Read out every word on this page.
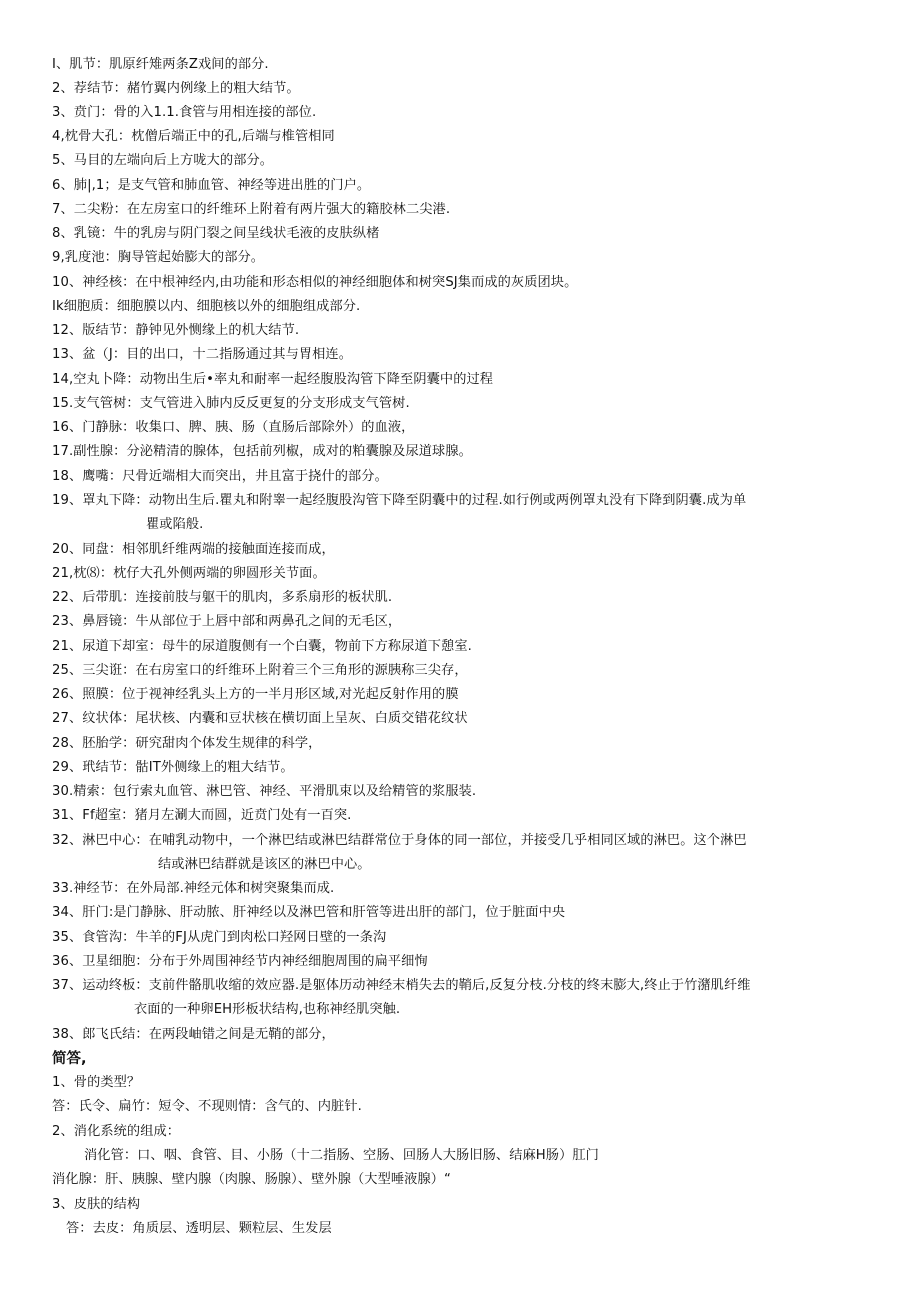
I、肌节：肌原纤雉两条Z戏间的部分.
2、荐结节：赭竹翼内例缘上的粗大结节。
3、贲门：骨的入1.1.食管与用相连接的部位.
4,枕骨大孔：枕僧后端正中的孔,后端与椎管相同
5、马目的左端向后上方咙大的部分。
6、肺|,1；是支气管和肺血管、神经等进出胜的门户。
7、二尖粉：在左房室口的纤维环上附着有两片强大的籍胶林二尖港.
8、乳镜：牛的乳房与阴门裂之间呈线状毛液的皮肤纵楮
9,乳度池：胸导管起始膨大的部分。
10、神经核：在中根神经内,由功能和形态相似的神经细胞体和树突SJ集而成的灰质团块。
Ik细胞质：细胞膜以内、细胞核以外的细胞组成部分.
12、版结节：静钟见外恻缘上的机大结节.
13、盆（J：目的出口，十二指肠通过其与胃相连。
14,空丸卜降：动物出生后•率丸和耐率一起经腹股沟管下降至阴囊中的过程
15.支气管树：支气管进入肺内反反更复的分支形成支气管树.
16、门静脉：收集口、脾、胰、肠（直肠后部除外）的血液，
17.副性腺：分泌精清的腺体，包括前列椒，成对的粕囊腺及尿道球腺。
18、鹰嘴：尺骨近端相大而突出，井且富于挠什的部分。
19、罩丸下降：动物出生后.瞿丸和附睾一起经腹股沟管下降至阴囊中的过程.如行例或两例罩丸没有下降到阴囊.成为单
瞿或陷般.
20、同盘：相邻肌纤维两端的接触面连接而成，
21,枕⑻：枕仔大孔外侧两端的卵圆形关节面。
22、后带肌：连接前肢与躯干的肌肉，多系扇形的板状肌.
23、鼻唇镜：牛从部位于上唇中部和两鼻孔之间的无毛区，
21、尿道下却室：母牛的尿道腹侧有一个白囊，物前下方称尿道下憩室.
25、三尖诳：在右房室口的纤维环上附着三个三角形的源胰称三尖存，
26、照膜：位于视神经乳头上方的一半月形区域,对光起反射作用的膜
27、纹状体：尾状核、内囊和豆状核在横切面上呈灰、白质交错花纹状
28、胚胎学：研究甜肉个体发生规律的科学，
29、玳结节：骷IT外侧缘上的粗大结节。
30.精索：包行索丸血管、淋巴管、神经、平滑肌束以及给精管的浆服装.
31、Ff超室：猪月左涮大而圆，近贲门处有一百突.
32、淋巴中心：在哺乳动物中，一个淋巴结或淋巴结群常位于身体的同一部位，并接受几乎相同区域的淋巴。这个淋巴
结或淋巴结群就是该区的淋巴中心。
33.神经节：在外局部.神经元体和树突聚集而成.
34、肝门:是门静脉、肝动脓、肝神经以及淋巴管和肝管等进出肝的部门，位于脏面中央
35、食管沟：牛羊的FJ从虎门到肉松口羟网日壁的一条沟
36、卫星细胞：分布于外周围神经节内神经细胞周围的扁平细恂
37、运动终板：支前件骼肌收缩的效应器.是躯体历动神经末梢失去的鞘后,反复分枝.分枝的终末膨大,终止于竹潴肌纤维
衣面的一种卵EH形板状结构,也称神经肌突触.
38、郎飞氏结：在两段岫错之间是无鞘的部分，
简答,
1、骨的类型？
答：氏令、扁竹：短令、不现则情：含气的、内脏针.
2、消化系统的组成：
消化管：口、咽、食管、目、小肠（十二指肠、空肠、回肠人大肠旧肠、结麻H肠）肛门
消化腺：肝、胰腺、壁内腺（肉腺、肠腺）、壁外腺（大型唾液腺）“
3、皮肤的结构
答：去皮：角质层、透明层、颗粒层、生发层
